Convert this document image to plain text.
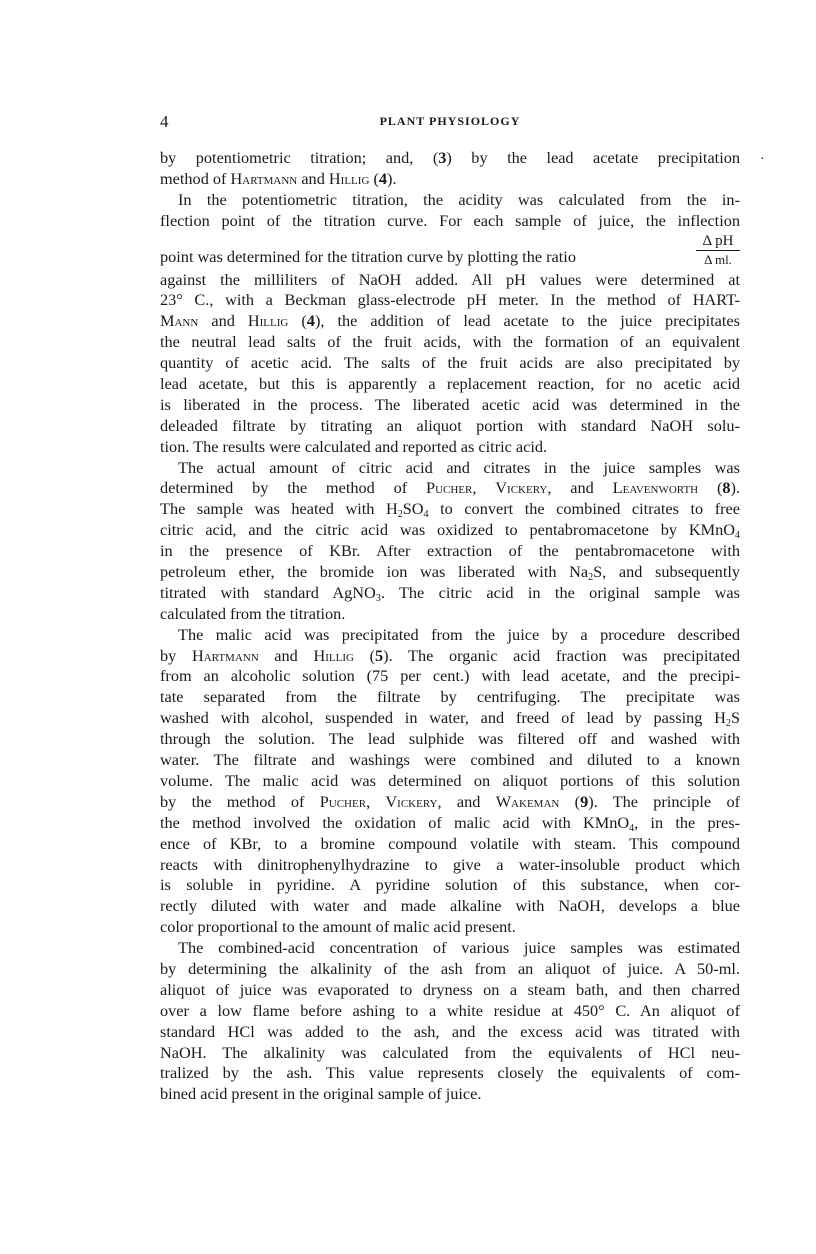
4	PLANT PHYSIOLOGY
·
by potentiometric titration; and, (3) by the lead acetate precipitation
method of Hartmann and Hillig (4).
In the potentiometric titration, the acidity was calculated from the in-
flection point of the titration curve. For each sample of juice, the inflection
point was determined for the titration curve by plotting the ratio	$\frac{\text{Δ pH}}{\text{Δ ml.}}$
against the milliliters of NaOH added. All pH values were determined at
23° C., with a Beckman glass-electrode pH meter. In the method of HART-
Mann and Hillig (4), the addition of lead acetate to the juice precipitates
the neutral lead salts of the fruit acids, with the formation of an equivalent
quantity of acetic acid. The salts of the fruit acids are also precipitated by
lead acetate, but this is apparently a replacement reaction, for no acetic acid
is liberated in the process. The liberated acetic acid was determined in the
deleaded filtrate by titrating an aliquot portion with standard NaOH solu-
tion. The results were calculated and reported as citric acid.
The actual amount of citric acid and citrates in the juice samples was
determined by the method of Pucher, Vickery, and Leavenworth (8).
The sample was heated with $H_2SO_4$ to convert the combined citrates to free
citric acid, and the citric acid was oxidized to pentabromacetone by KMnO$_4$
in the presence of KBr. After extraction of the pentabromacetone with
petroleum ether, the bromide ion was liberated with $Na_2S$, and subsequently
titrated with standard AgNO$_3$. The citric acid in the original sample was
calculated from the titration.
The malic acid was precipitated from the juice by a procedure described
by Hartmann and Hillig (5). The organic acid fraction was precipitated
from an alcoholic solution (75 per cent.) with lead acetate, and the precipi-
tate separated from the filtrate by centrifuging. The precipitate was
washed with alcohol, suspended in water, and freed of lead by passing $H_2S$
through the solution. The lead sulphide was filtered off and washed with
water. The filtrate and washings were combined and diluted to a known
volume. The malic acid was determined on aliquot portions of this solution
by the method of Pucher, Vickery, and Wakeman (9). The principle of
the method involved the oxidation of malic acid with KMnO$_4$, in the pres-
ence of KBr, to a bromine compound volatile with steam. This compound
reacts with dinitrophenylhydrazine to give a water-insoluble product which
is soluble in pyridine. A pyridine solution of this substance, when cor-
rectly diluted with water and made alkaline with NaOH, develops a blue
color proportional to the amount of malic acid present.
The combined-acid concentration of various juice samples was estimated
by determining the alkalinity of the ash from an aliquot of juice. A 50-ml.
aliquot of juice was evaporated to dryness on a steam bath, and then charred
over a low flame before ashing to a white residue at 450° C. An aliquot of
standard HCl was added to the ash, and the excess acid was titrated with
NaOH. The alkalinity was calculated from the equivalents of HCl neu-
tralized by the ash. This value represents closely the equivalents of com-
bined acid present in the original sample of juice.
